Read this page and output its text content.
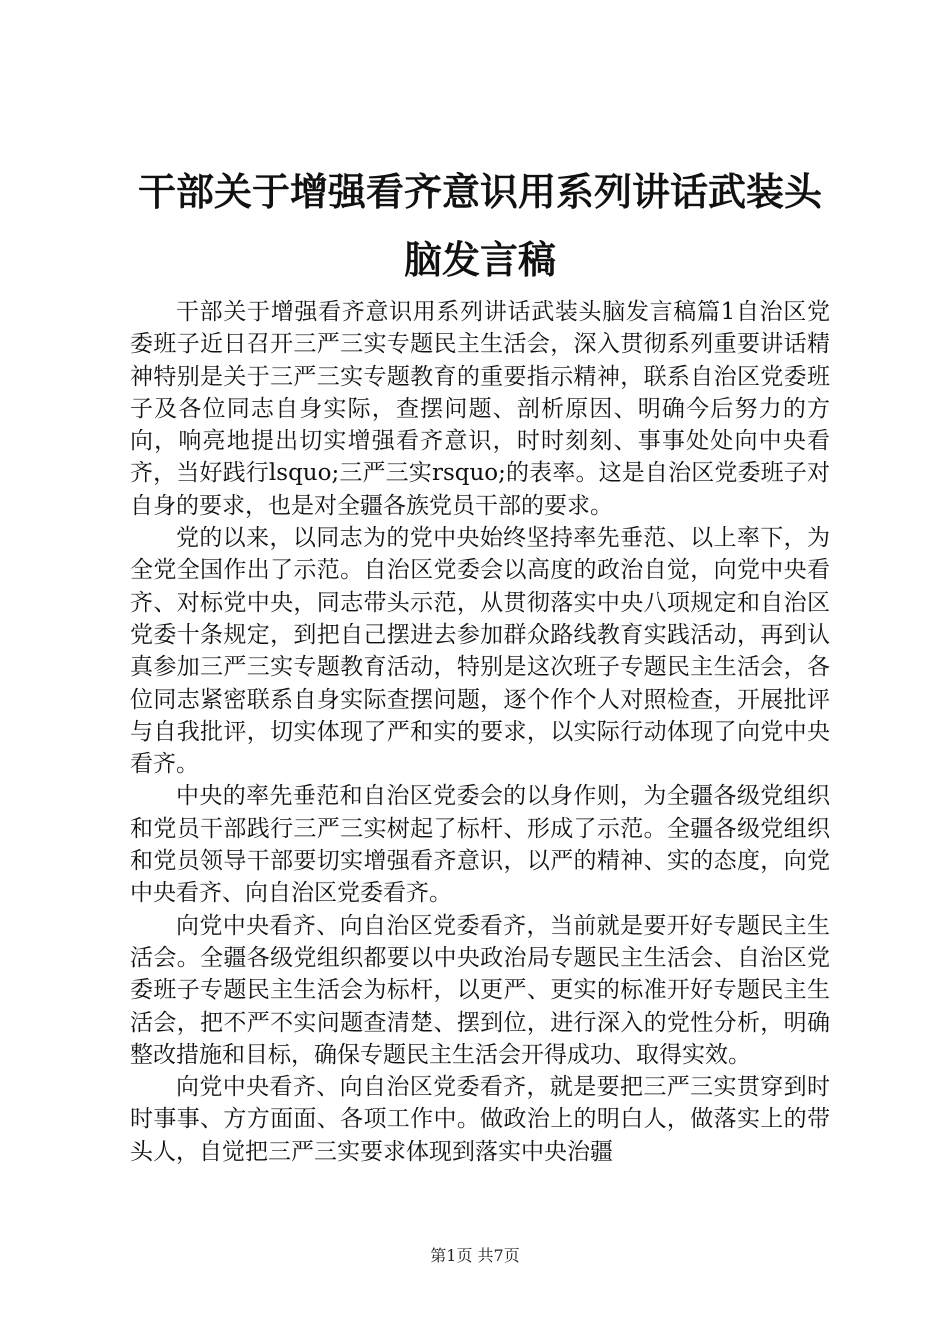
干部关于增强看齐意识用系列讲话武装头脑发言稿

干部关于增强看齐意识用系列讲话武装头脑发言稿篇1自治区党委班子近日召开三严三实专题民主生活会，深入贯彻系列重要讲话精神特别是关于三严三实专题教育的重要指示精神，联系自治区党委班子及各位同志自身实际，查摆问题、剖析原因、明确今后努力的方向，响亮地提出切实增强看齐意识，时时刻刻、事事处处向中央看齐，当好践行lsquo;三严三实rsquo;的表率。这是自治区党委班子对自身的要求，也是对全疆各族党员干部的要求。

党的以来，以同志为的党中央始终坚持率先垂范、以上率下，为全党全国作出了示范。自治区党委会以高度的政治自觉，向党中央看齐、对标党中央，同志带头示范，从贯彻落实中央八项规定和自治区党委十条规定，到把自己摆进去参加群众路线教育实践活动，再到认真参加三严三实专题教育活动，特别是这次班子专题民主生活会，各位同志紧密联系自身实际查摆问题，逐个作个人对照检查，开展批评与自我批评，切实体现了严和实的要求，以实际行动体现了向党中央看齐。

中央的率先垂范和自治区党委会的以身作则，为全疆各级党组织和党员干部践行三严三实树起了标杆、形成了示范。全疆各级党组织和党员领导干部要切实增强看齐意识，以严的精神、实的态度，向党中央看齐、向自治区党委看齐。

向党中央看齐、向自治区党委看齐，当前就是要开好专题民主生活会。全疆各级党组织都要以中央政治局专题民主生活会、自治区党委班子专题民主生活会为标杆，以更严、更实的标准开好专题民主生活会，把不严不实问题查清楚、摆到位，进行深入的党性分析，明确整改措施和目标，确保专题民主生活会开得成功、取得实效。

向党中央看齐、向自治区党委看齐，就是要把三严三实贯穿到时时事事、方方面面、各项工作中。做政治上的明白人，做落实上的带头人，自觉把三严三实要求体现到落实中央治疆

第1页 共7页
